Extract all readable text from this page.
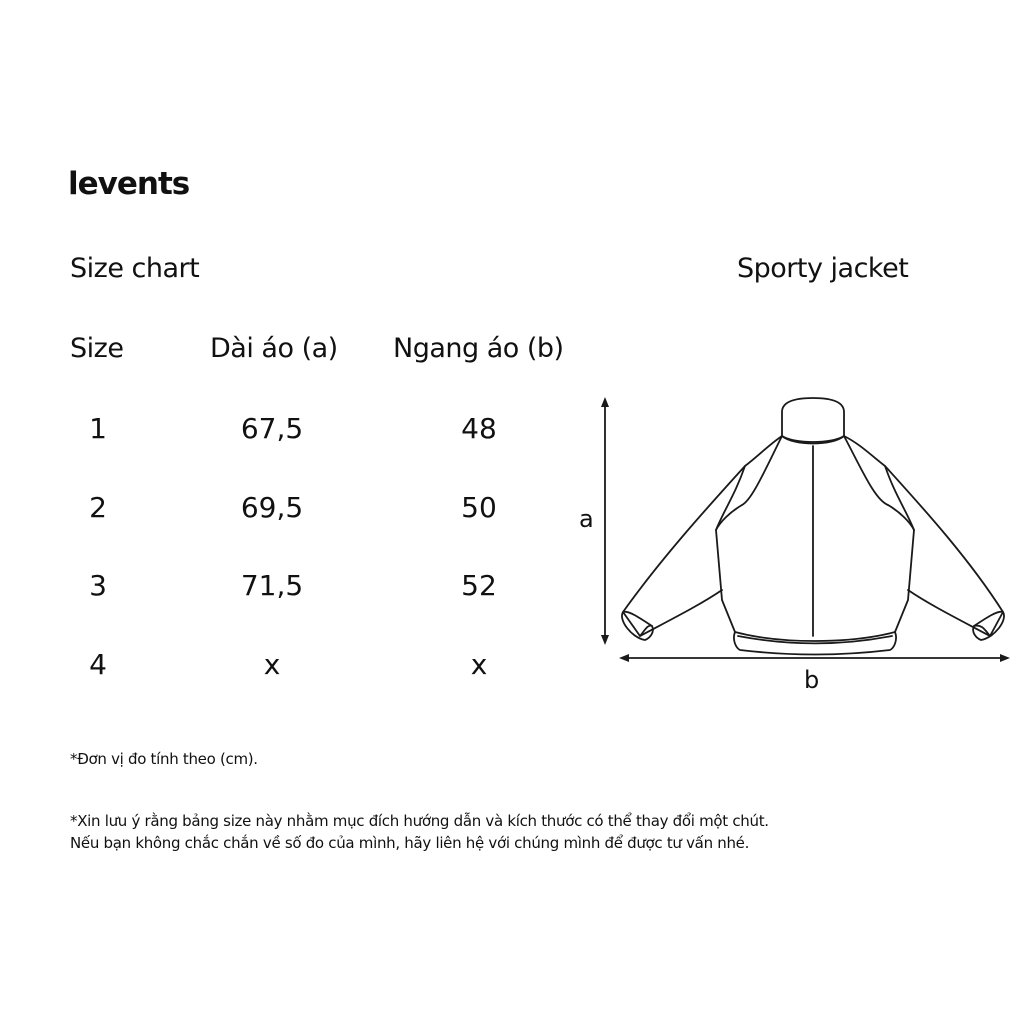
levents
Size chart	Sporty jacket
Size	Dài áo (a) Ngang áo (b)
1	67,5	48
2	69,5	50
3	71,5	52
4	x	x
a
b
*Đơn vị đo tính theo (cm).
*Xin lưu ý rằng bảng size này nhằm mục đích hướng dẫn và kích thước có thể thay đổi một chút.
Nếu bạn không chắc chắn về số đo của mình, hãy liên hệ với chúng mình để được tư vấn nhé.
